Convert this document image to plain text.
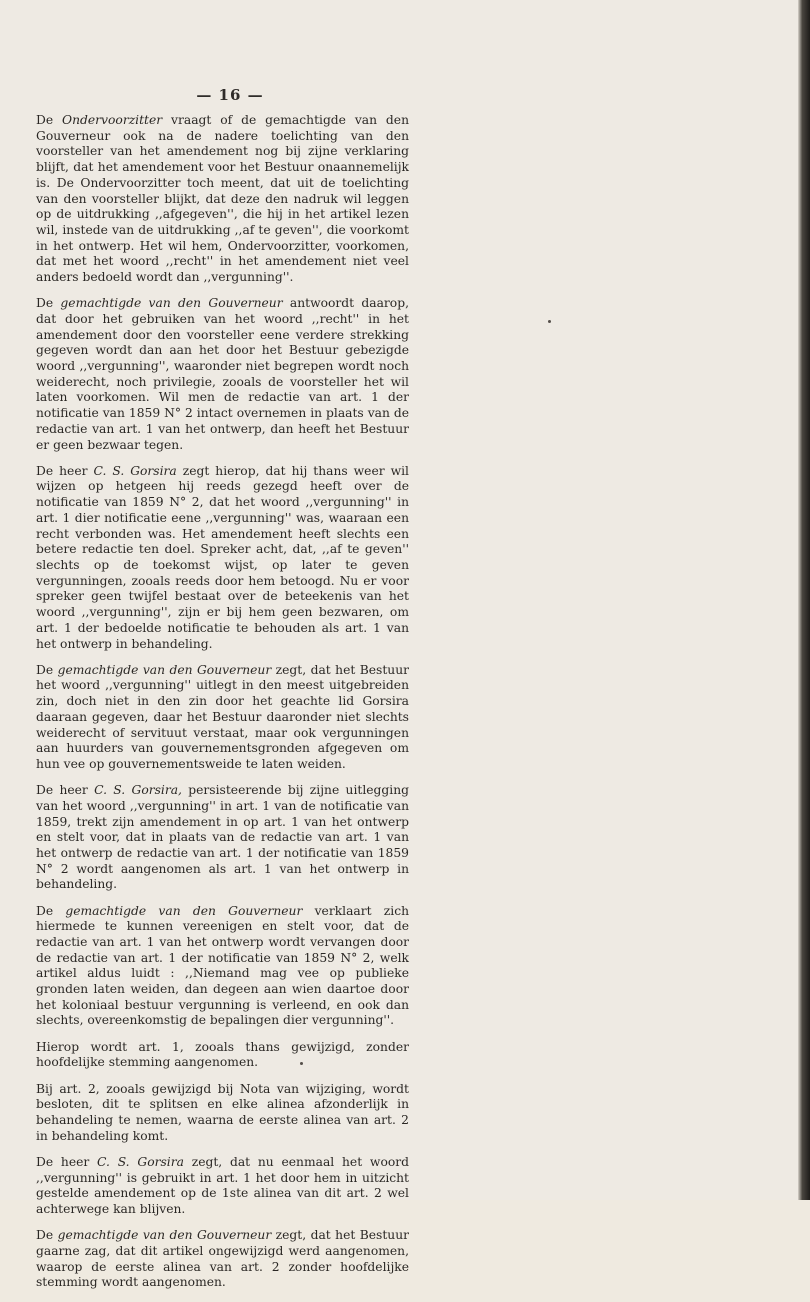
— 16 —

De Ondervoorzitter vraagt of de gemachtigde van den Gouverneur ook na de nadere toelichting van den voorsteller van het amendement nog bij zijne verklaring blijft, dat het amendement voor het Bestuur onaannemelijk is. De Ondervoorzitter toch meent, dat uit de toelichting van den voorsteller blijkt, dat deze den nadruk wil leggen op de uitdrukking ,,afgegeven'', die hij in het artikel lezen wil, instede van de uitdrukking ,,af te geven'', die voorkomt in het ontwerp. Het wil hem, Ondervoorzitter, voorkomen, dat met het woord ,,recht'' in het amendement niet veel anders bedoeld wordt dan ,,vergunning''.

De gemachtigde van den Gouverneur antwoordt daarop, dat door het gebruiken van het woord ,,recht'' in het amendement door den voorsteller eene verdere strekking gegeven wordt dan aan het door het Bestuur gebezigde woord ,,vergunning'', waaronder niet begrepen wordt noch weiderecht, noch privilegie, zooals de voorsteller het wil laten voorkomen. Wil men de redactie van art. 1 der notificatie van 1859 N° 2 intact overnemen in plaats van de redactie van art. 1 van het ontwerp, dan heeft het Bestuur er geen bezwaar tegen.

De heer C. S. Gorsira zegt hierop, dat hij thans weer wil wijzen op hetgeen hij reeds gezegd heeft over de notificatie van 1859 N° 2, dat het woord ,,vergunning'' in art. 1 dier notificatie eene ,,vergunning'' was, waaraan een recht verbonden was. Het amendement heeft slechts een betere redactie ten doel. Spreker acht, dat, ,,af te geven'' slechts op de toekomst wijst, op later te geven vergunningen, zooals reeds door hem betoogd. Nu er voor spreker geen twijfel bestaat over de beteekenis van het woord ,,vergunning'', zijn er bij hem geen bezwaren, om art. 1 der bedoelde notificatie te behouden als art. 1 van het ontwerp in behandeling.

De gemachtigde van den Gouverneur zegt, dat het Bestuur het woord ,,vergunning'' uitlegt in den meest uitgebreiden zin, doch niet in den zin door het geachte lid Gorsira daaraan gegeven, daar het Bestuur daaronder niet slechts weiderecht of servituut verstaat, maar ook vergunningen aan huurders van gouvernementsgronden afgegeven om hun vee op gouvernementsweide te laten weiden.

De heer C. S. Gorsira, persisteerende bij zijne uitlegging van het woord ,,vergunning'' in art. 1 van de notificatie van 1859, trekt zijn amendement in op art. 1 van het ontwerp en stelt voor, dat in plaats van de redactie van art. 1 van het ontwerp de redactie van art. 1 der notificatie van 1859 N° 2 wordt aangenomen als art. 1 van het ontwerp in behandeling.

De gemachtigde van den Gouverneur verklaart zich hiermede te kunnen vereenigen en stelt voor, dat de redactie van art. 1 van het ontwerp wordt vervangen door de redactie van art. 1 der notificatie van 1859 N° 2, welk artikel aldus luidt : ,,Niemand mag vee op publieke gronden laten weiden, dan degeen aan wien daartoe door het koloniaal bestuur vergunning is verleend, en ook dan slechts, overeenkomstig de bepalingen dier vergunning''.

Hierop wordt art. 1, zooals thans gewijzigd, zonder hoofdelijke stemming aangenomen.

Bij art. 2, zooals gewijzigd bij Nota van wijziging, wordt besloten, dit te splitsen en elke alinea afzonderlijk in behandeling te nemen, waarna de eerste alinea van art. 2 in behandeling komt.

De heer C. S. Gorsira zegt, dat nu eenmaal het woord ,,vergunning'' is gebruikt in art. 1 het door hem in uitzicht gestelde amendement op de 1ste alinea van dit art. 2 wel achterwege kan blijven.

De gemachtigde van den Gouverneur zegt, dat het Bestuur gaarne zag, dat dit artikel ongewijzigd werd aangenomen, waarop de eerste alinea van art. 2 zonder hoofdelijke stemming wordt aangenomen.
